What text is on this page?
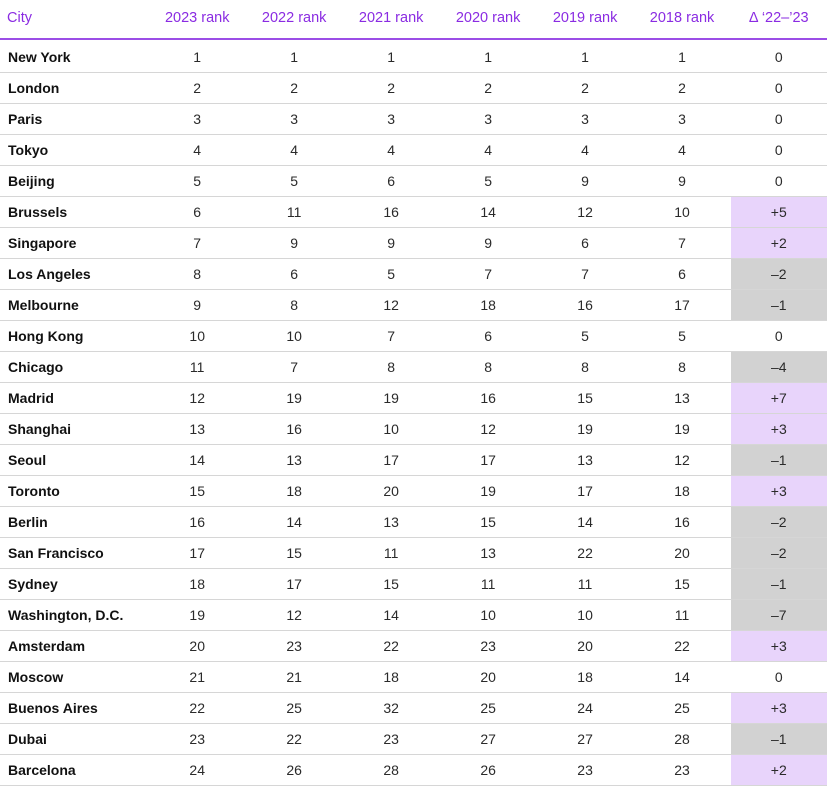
City	2023 rank	2022 rank	2021 rank	2020 rank	2019 rank	2018 rank	Δ ‘22–’23
New York	1	1	1	1	1	1	0
London	2	2	2	2	2	2	0
Paris	3	3	3	3	3	3	0
Tokyo	4	4	4	4	4	4	0
Beijing	5	5	6	5	9	9	0
Brussels	6	11	16	14	12	10	+5
Singapore	7	9	9	9	6	7	+2
Los Angeles	8	6	5	7	7	6	–2
Melbourne	9	8	12	18	16	17	–1
Hong Kong	10	10	7	6	5	5	0
Chicago	11	7	8	8	8	8	–4
Madrid	12	19	19	16	15	13	+7
Shanghai	13	16	10	12	19	19	+3
Seoul	14	13	17	17	13	12	–1
Toronto	15	18	20	19	17	18	+3
Berlin	16	14	13	15	14	16	–2
San Francisco	17	15	11	13	22	20	–2
Sydney	18	17	15	11	11	15	–1
Washington, D.C.	19	12	14	10	10	11	–7
Amsterdam	20	23	22	23	20	22	+3
Moscow	21	21	18	20	18	14	0
Buenos Aires	22	25	32	25	24	25	+3
Dubai	23	22	23	27	27	28	–1
Barcelona	24	26	28	26	23	23	+2
